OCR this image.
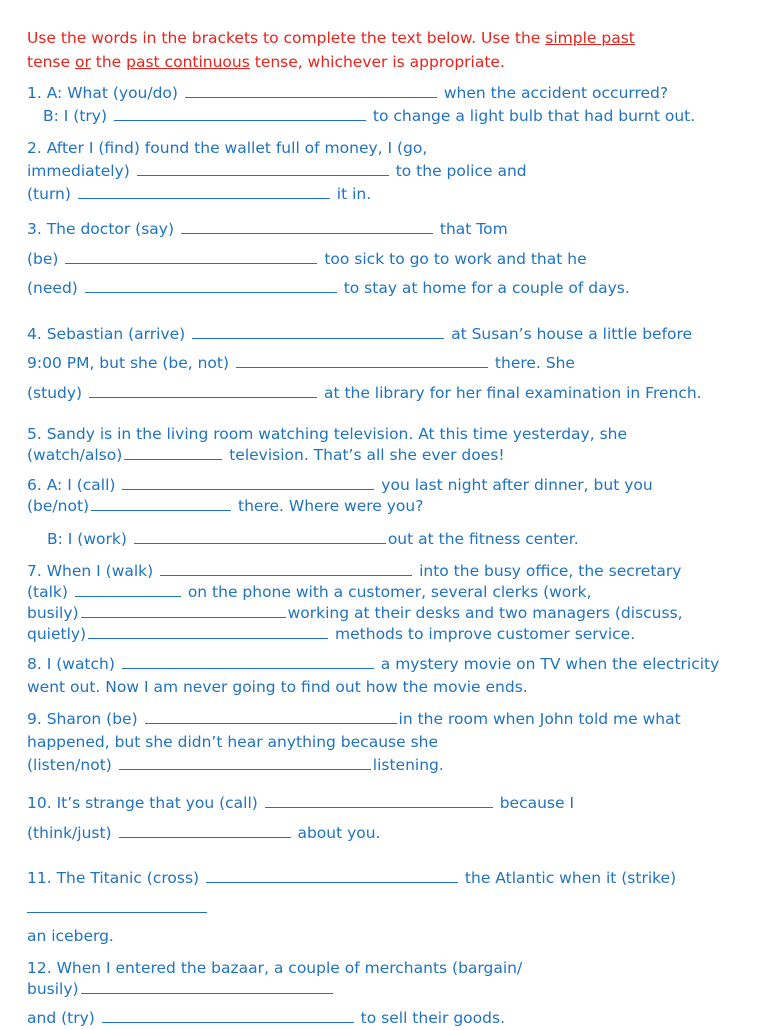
Use the words in the brackets to complete the text below. Use the simple past
tense or the past continuous tense, whichever is appropriate.
1. A: What (you/do)	when the accident occurred?
B: I (try)	to change a light bulb that had burnt out.
2. After I (find) found the wallet full of money, I (go,
immediately)	to the police and
(turn)	it in.
3. The doctor (say)	that Tom
(be)	too sick to go to work and that he
(need)	to stay at home for a couple of days.
4. Sebastian (arrive)	at Susan’s house a little before
9:00 PM, but she (be, not)	there. She
(study)	at the library for her final examination in French.
5. Sandy is in the living room watching television. At this time yesterday, she
(watch/also)	television. That’s all she ever does!
6. A: I (call)	you last night after dinner, but you
(be/not)	there. Where were you?
B: I (work)	out at the fitness center.
7. When I (walk)	into the busy office, the secretary
(talk)	on the phone with a customer, several clerks (work,
busily)	working at their desks and two managers (discuss,
quietly)	methods to improve customer service.
8. I (watch)	a mystery movie on TV when the electricity
went out. Now I am never going to find out how the movie ends.
9. Sharon (be)	in the room when John told me what
happened, but she didn’t hear anything because she
(listen/not)	listening.
10. It’s strange that you (call)	because I
(think/just)	about you.
11. The Titanic (cross)	the Atlantic when it (strike)
an iceberg.
12. When I entered the bazaar, a couple of merchants (bargain/
busily)
and (try)	to sell their goods.
